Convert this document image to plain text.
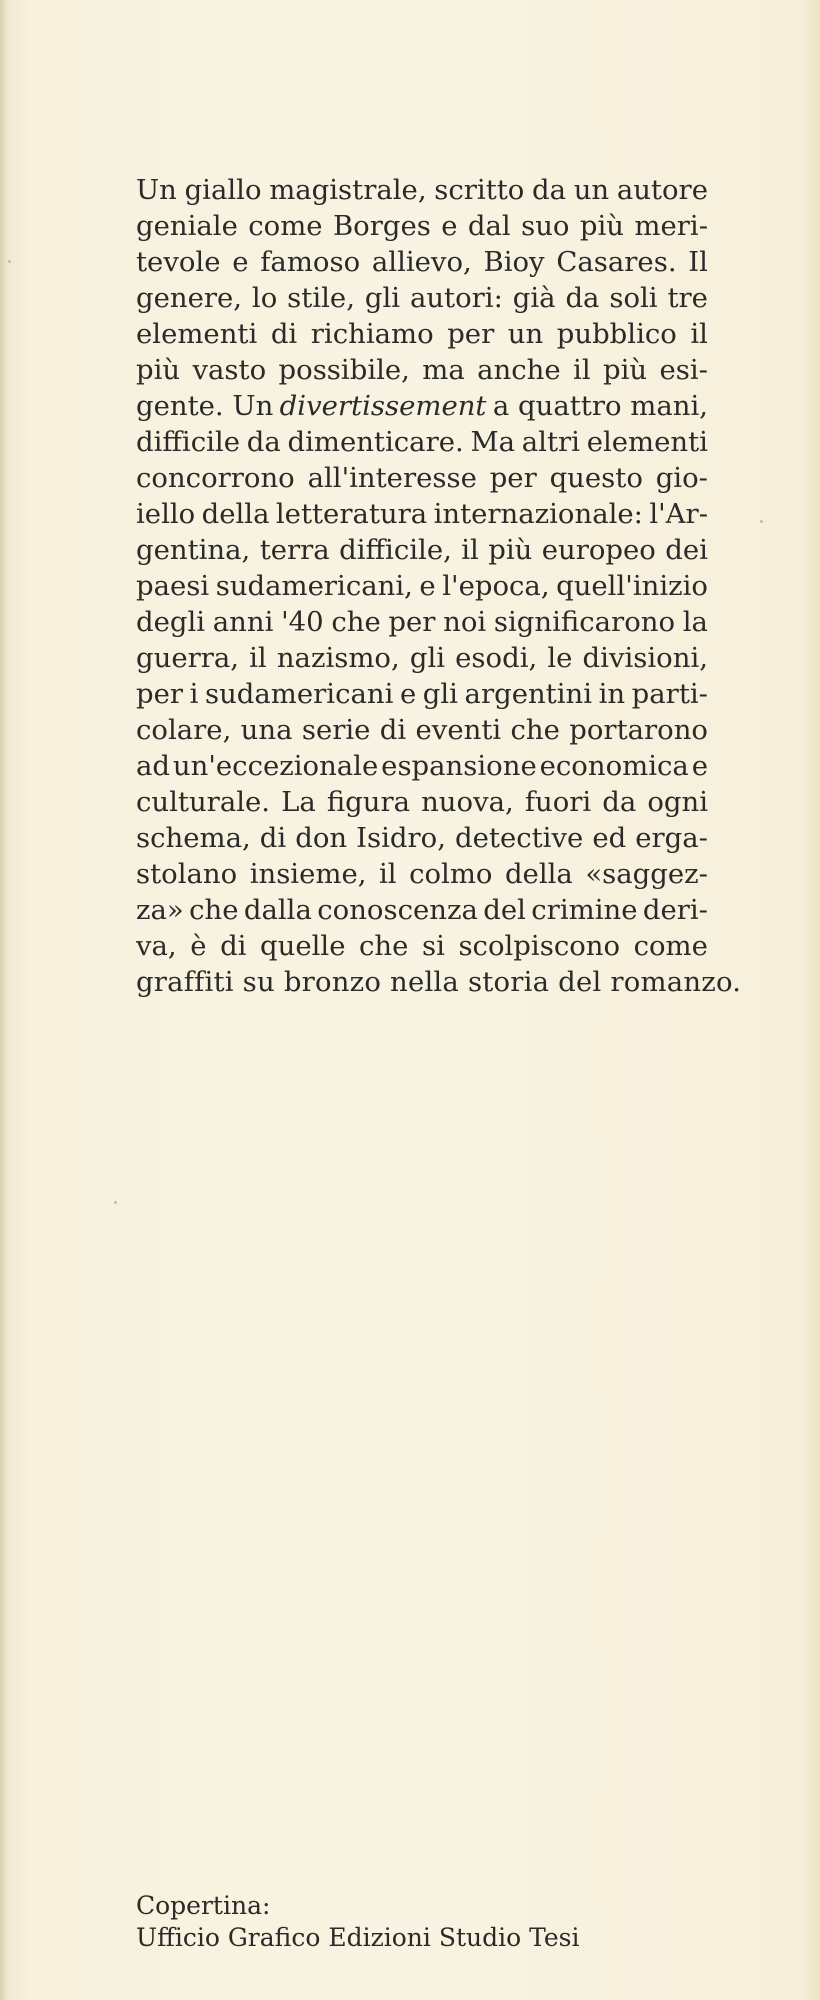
Un giallo magistrale, scritto da un autore
geniale come Borges e dal suo più meri-
tevole e famoso allievo, Bioy Casares. Il
genere, lo stile, gli autori: già da soli tre
elementi di richiamo per un pubblico il
più vasto possibile, ma anche il più esi-
gente. Un divertissement a quattro mani,
difficile da dimenticare. Ma altri elementi
concorrono all'interesse per questo gio-
iello della letteratura internazionale: l'Ar-
gentina, terra difficile, il più europeo dei
paesi sudamericani, e l'epoca, quell'inizio
degli anni '40 che per noi significarono la
guerra, il nazismo, gli esodi, le divisioni,
per i sudamericani e gli argentini in parti-
colare, una serie di eventi che portarono
ad un'eccezionale espansione economica e
culturale. La figura nuova, fuori da ogni
schema, di don Isidro, detective ed erga-
stolano insieme, il colmo della «saggez-
za» che dalla conoscenza del crimine deri-
va, è di quelle che si scolpiscono come
graffiti su bronzo nella storia del romanzo.
Copertina:
Ufficio Grafico Edizioni Studio Tesi
